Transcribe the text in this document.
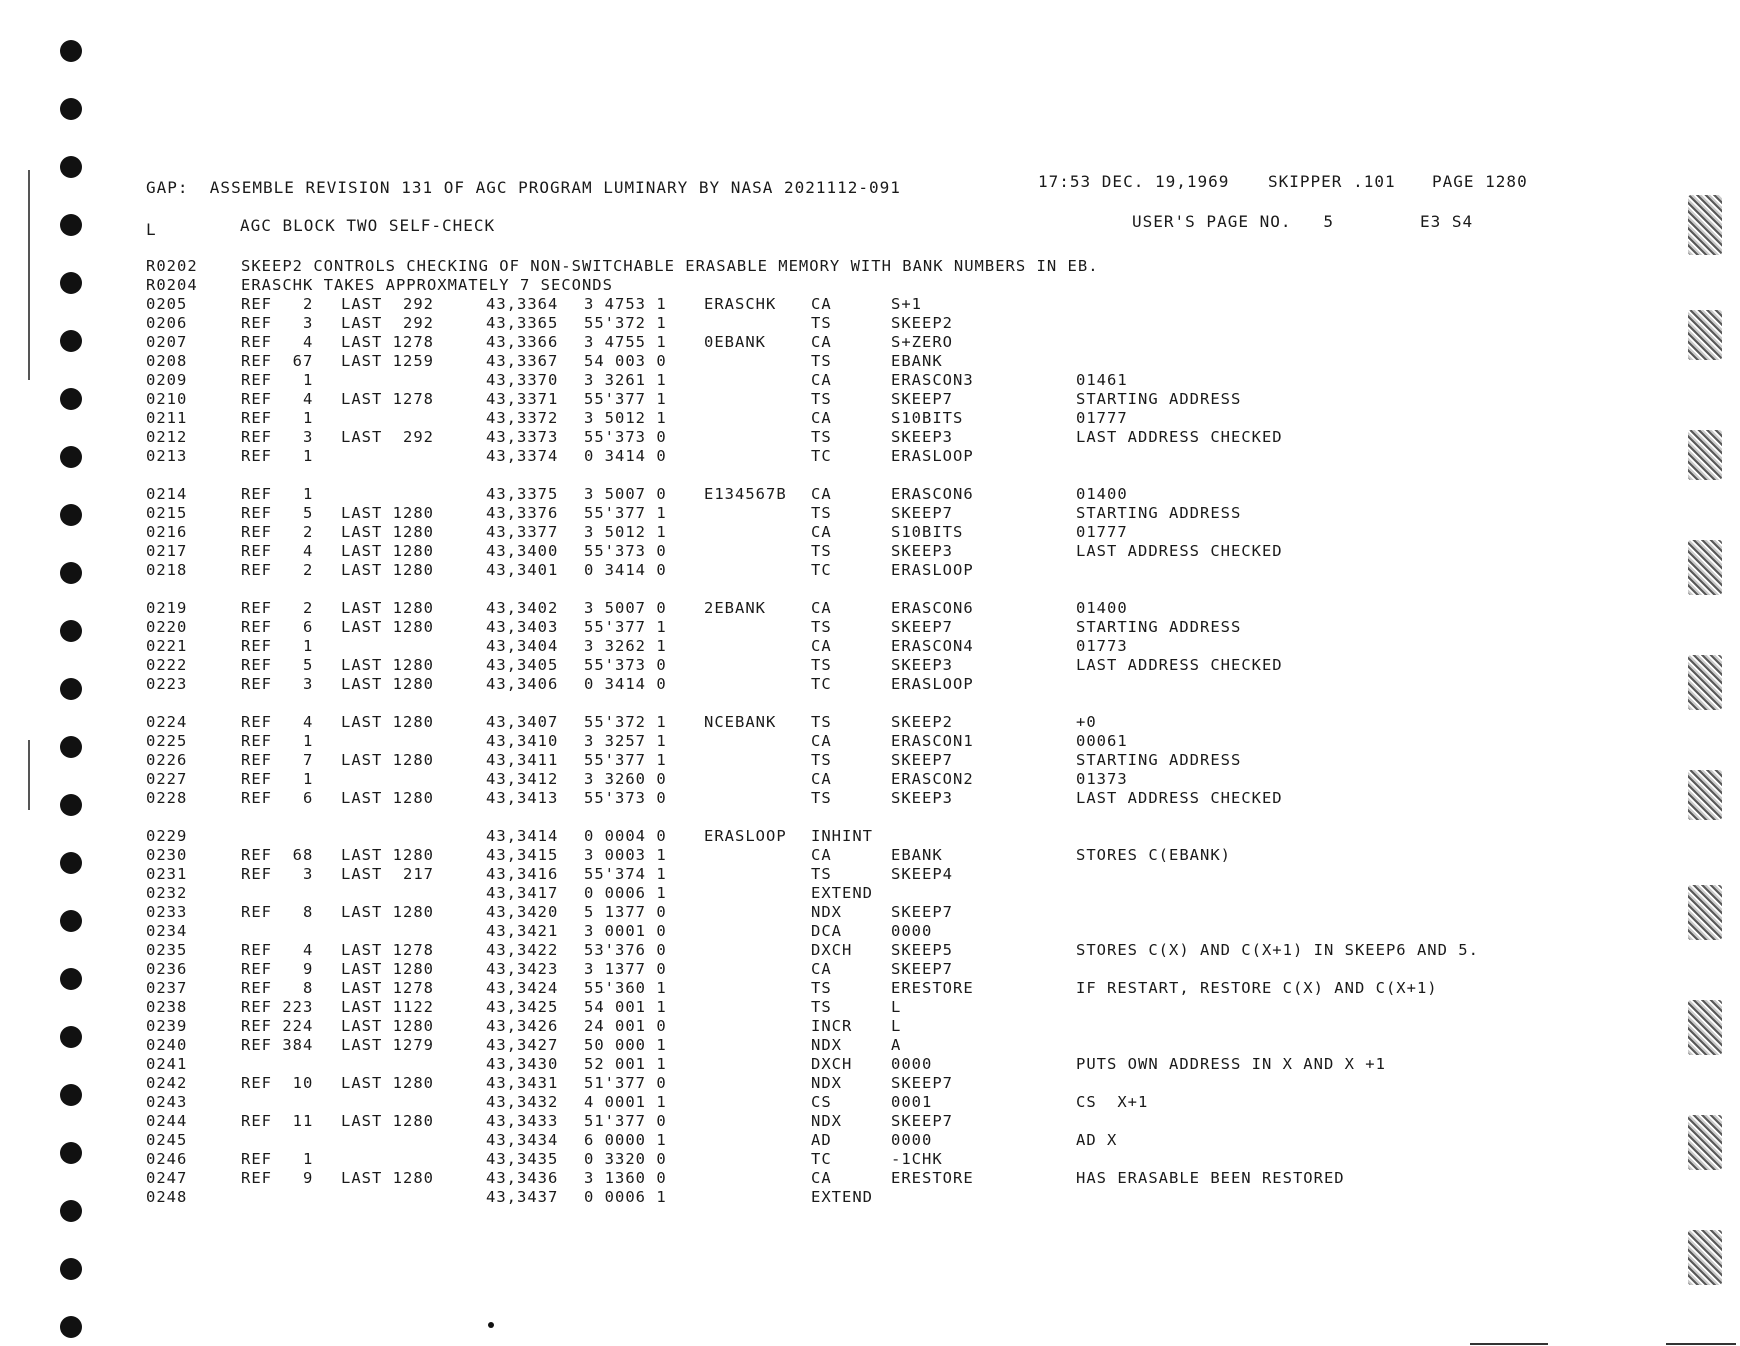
GAP:  ASSEMBLE REVISION 131 OF AGC PROGRAM LUMINARY BY NASA 2021112-091	17:53 DEC. 19,1969 SKIPPER .101 PAGE 1280
L	AGC BLOCK TWO SELF-CHECK	USER'S PAGE NO.   5	E3 S4

R0202

	SKEEP2 CONTROLS CHECKING OF NON-SWITCHABLE ERASABLE MEMORY WITH BANK NUMBERS IN EB.

R0204

	ERASCHK TAKES APPROXMATELY 7 SECONDS

0205	REF   2 LAST  292	43,3364 3 4753 1 ERASCHK CA	S+1
0206	REF   3 LAST  292	43,3365 55'372 1	TS	SKEEP2
0207	REF   4 LAST 1278	43,3366 3 4755 1 0EBANK	CA	S+ZERO
0208	REF  67 LAST 1259	43,3367 54 003 0	TS	EBANK
0209	REF   1	43,3370 3 3261 1	CA	ERASCON3	01461
0210	REF   4 LAST 1278	43,3371 55'377 1	TS	SKEEP7	STARTING ADDRESS
0211	REF   1	43,3372 3 5012 1	CA	S10BITS	01777
0212	REF   3 LAST  292	43,3373 55'373 0	TS	SKEEP3	LAST ADDRESS CHECKED
0213	REF   1	43,3374 0 3414 0	TC	ERASLOOP
0214	REF   1	43,3375 3 5007 0 E134567B CA	ERASCON6	01400
0215	REF   5 LAST 1280	43,3376 55'377 1	TS	SKEEP7	STARTING ADDRESS
0216	REF   2 LAST 1280	43,3377 3 5012 1	CA	S10BITS	01777
0217	REF   4 LAST 1280	43,3400 55'373 0	TS	SKEEP3	LAST ADDRESS CHECKED
0218	REF   2 LAST 1280	43,3401 0 3414 0	TC	ERASLOOP
0219	REF   2 LAST 1280	43,3402 3 5007 0 2EBANK	CA	ERASCON6	01400
0220	REF   6 LAST 1280	43,3403 55'377 1	TS	SKEEP7	STARTING ADDRESS
0221	REF   1	43,3404 3 3262 1	CA	ERASCON4	01773
0222	REF   5 LAST 1280	43,3405 55'373 0	TS	SKEEP3	LAST ADDRESS CHECKED
0223	REF   3 LAST 1280	43,3406 0 3414 0	TC	ERASLOOP
0224	REF   4 LAST 1280	43,3407 55'372 1 NCEBANK TS	SKEEP2	+0
0225	REF   1	43,3410 3 3257 1	CA	ERASCON1	00061
0226	REF   7 LAST 1280	43,3411 55'377 1	TS	SKEEP7	STARTING ADDRESS
0227	REF   1	43,3412 3 3260 0	CA	ERASCON2	01373
0228	REF   6 LAST 1280	43,3413 55'373 0	TS	SKEEP3	LAST ADDRESS CHECKED
0229	43,3414 0 0004 0 ERASLOOP INHINT
0230	REF  68 LAST 1280	43,3415 3 0003 1	CA	EBANK	STORES C(EBANK)
0231	REF   3 LAST  217	43,3416 55'374 1	TS	SKEEP4
0232	43,3417 0 0006 1	EXTEND
0233	REF   8 LAST 1280	43,3420 5 1377 0	NDX	SKEEP7
0234	43,3421 3 0001 0	DCA	0000
0235	REF   4 LAST 1278	43,3422 53'376 0	DXCH SKEEP5	STORES C(X) AND C(X+1) IN SKEEP6 AND 5.
0236	REF   9 LAST 1280	43,3423 3 1377 0	CA	SKEEP7
0237	REF   8 LAST 1278	43,3424 55'360 1	TS	ERESTORE	IF RESTART, RESTORE C(X) AND C(X+1)
0238	REF 223 LAST 1122	43,3425 54 001 1	TS	L
0239	REF 224 LAST 1280	43,3426 24 001 0	INCR L
0240	REF 384 LAST 1279	43,3427 50 000 1	NDX	A
0241	43,3430 52 001 1	DXCH 0000	PUTS OWN ADDRESS IN X AND X +1
0242	REF  10 LAST 1280	43,3431 51'377 0	NDX	SKEEP7
0243	43,3432 4 0001 1	CS	0001	CS  X+1
0244	REF  11 LAST 1280	43,3433 51'377 0	NDX	SKEEP7
0245	43,3434 6 0000 1	AD	0000	AD X
0246	REF   1	43,3435 0 3320 0	TC	-1CHK
0247	REF   9 LAST 1280	43,3436 3 1360 0	CA	ERESTORE	HAS ERASABLE BEEN RESTORED
0248	43,3437 0 0006 1	EXTEND
